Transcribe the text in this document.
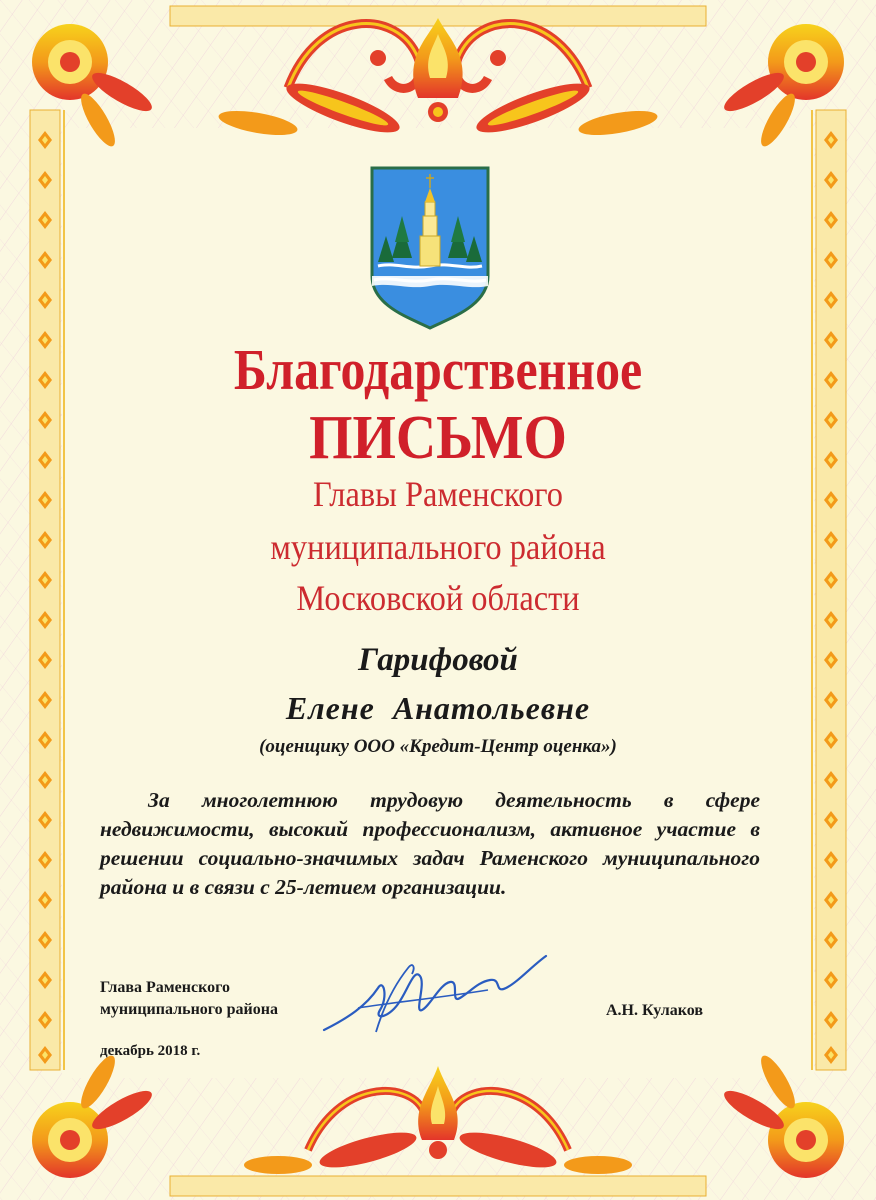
Благодарственное
ПИСЬМО

Главы Раменского

муниципального района

Московской области

Гарифовой

Елене  Анатольевне

(оценщику ООО «Кредит-Центр оценка»)

За многолетнюю трудовую деятельность в сфере недвижимости, высокий профессионализм, активное участие в решении социально-значимых задач Раменского муниципального района и в связи с 25-летием организации.

Глава Раменского
муниципального района	А.Н. Кулаков

декабрь 2018 г.
